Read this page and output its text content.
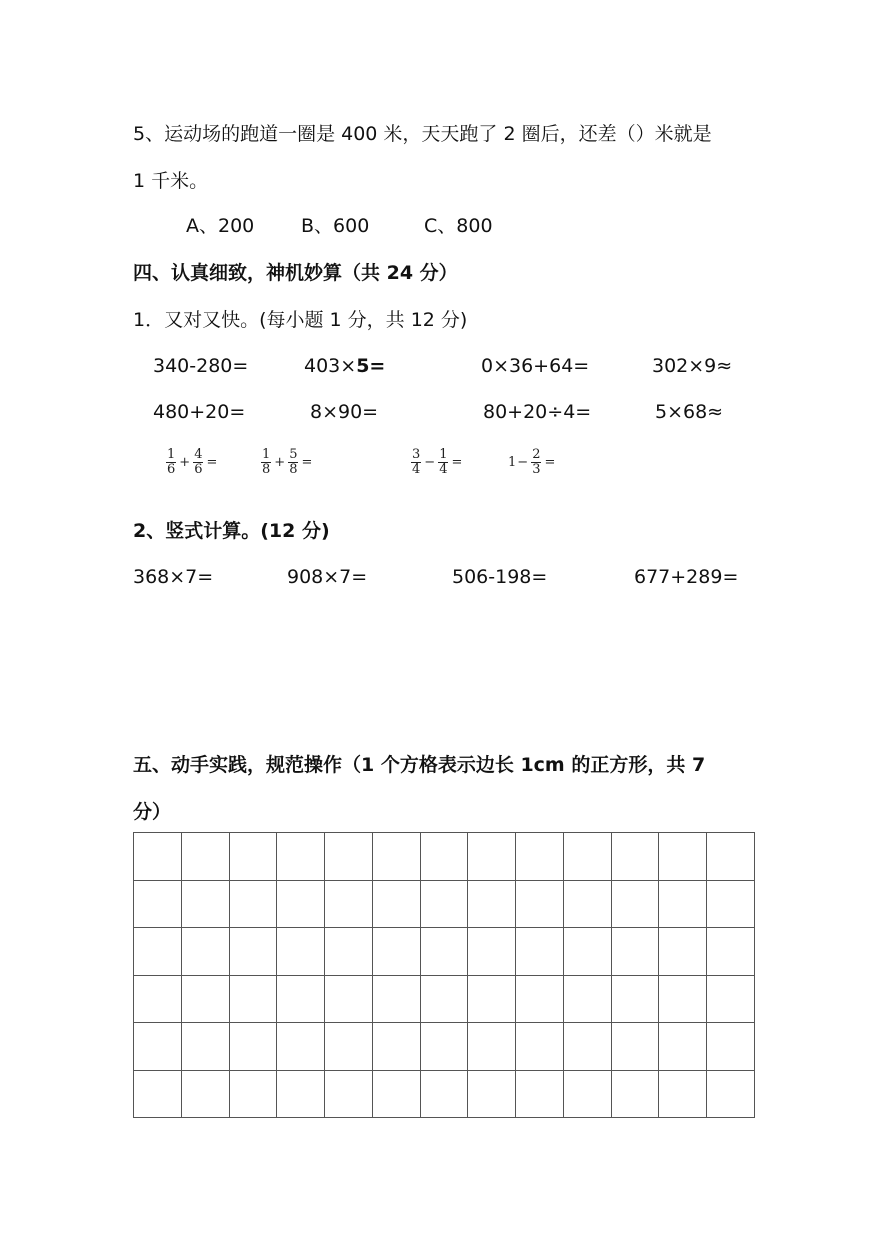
5、运动场的跑道一圈是 400 米，天天跑了 2 圈后，还差（）米就是
1 千米。
A、200 B、600	C、800
四、认真细致，神机妙算（共 24 分）
1．又对又快。(每小题 1 分，共 12 分)
340-280=	403×5=	0×36+64=	302×9≈
480+20=	8×90=	80+20÷4=	5×68≈
$\frac{1}{6} + \frac{4}{6}$ =	$\frac{1}{8} + \frac{5}{8}$ =	$\frac{3}{4} - \frac{1}{4}$ =	$1 - \frac{2}{3}$ =
2、竖式计算。(12 分)
368×7=	908×7=	506-198=	677+289=
五、动手实践，规范操作（1 个方格表示边长 1cm 的正方形，共 7
分）
